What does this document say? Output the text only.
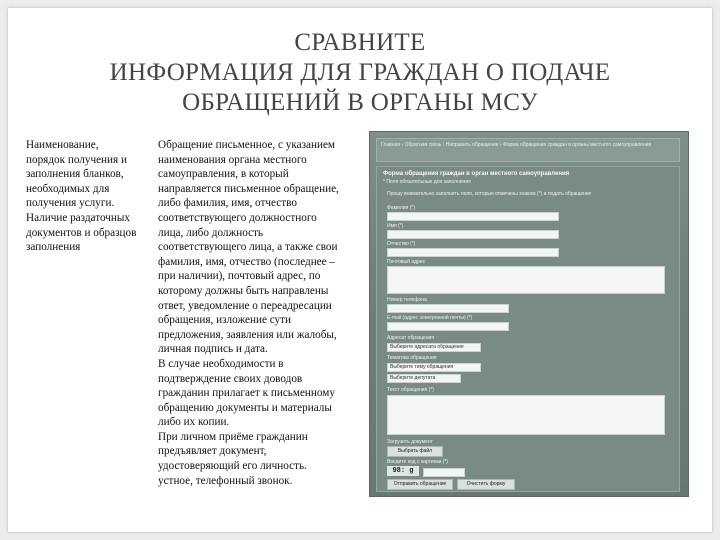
СРАВНИТЕ
ИНФОРМАЦИЯ ДЛЯ ГРАЖДАН О ПОДАЧЕ
ОБРАЩЕНИЙ В ОРГАНЫ МСУ
Наименование,
порядок получения и
заполнения бланков,
необходимых для
получения услуги.
Наличие раздаточных
документов и образцов
заполнения
Обращение письменное, с указанием
наименования органа местного
самоуправления, в который
направляется письменное обращение,
либо фамилия, имя, отчество
соответствующего должностного
лица, либо должность
соответствующего лица, а также свои
фамилия, имя, отчество (последнее –
при наличии), почтовый адрес, по
которому должны быть направлены
ответ, уведомление о переадресации
обращения, изложение сути
предложения, заявления или жалобы,
личная подпись и дата.
В случае необходимости в
подтверждение своих доводов
гражданин прилагает к письменному
обращению документы и материалы
либо их копии.
При личном приёме гражданин
предъявляет документ,
удостоверяющий его личность.
устное, телефонный звонок.
Главная › Обратная связь › Направить обращение › Форма обращения граждан в органы местного самоуправления
Форма обращения граждан в орган местного самоуправления
* Поля обязательные для заполнения
Прошу внимательно заполнить поля, которые отмечены знаком (*) и подать обращение
Фамилия (*)
Имя (*)
Отчество (*)
Почтовый адрес
Номер телефона
E-mail (адрес электронной почты) (*)
Адресат обращения
Выберите адресата обращения
Тематика обращения
Выберите тему обращения
Выберите депутата
Текст обращения (*)
Загрузить документ
Выбрать файл
Введите код с картинки (*)
98: g
Отправить обращение	Очистить форму
